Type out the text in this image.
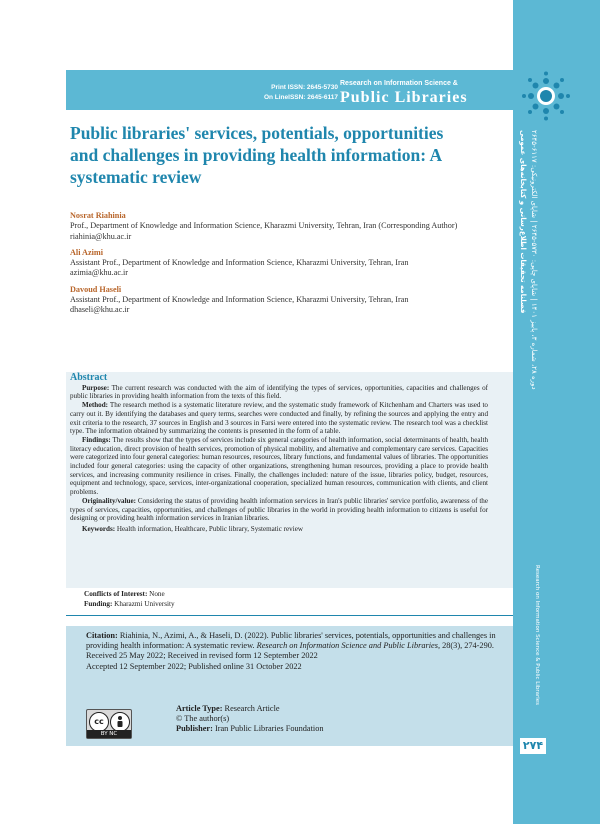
Print ISSN: 2645-5730
On LineISSN: 2645-6117
Research on Information Science &
Public Libraries
فصلنامه تحقیقات اطلاع‌رسانی و کتابخانه‌های عمومی دوره ۲۸، شماره ۳، پاییز ۱۴۰۱ | شاپای چاپی: ۵۷۳۰-۲۶۴۵ | شاپای الکترونیکی: ۶۱۱۷-۲۶۴۵
Research on Information Science & Public Libraries
۲۷۴
Public libraries' services, potentials, opportunities and challenges in providing health information: A systematic review
Nosrat Riahinia
Prof., Department of Knowledge and Information Science, Kharazmi University, Tehran, Iran (Corresponding Author)
riahinia@khu.ac.ir
Ali Azimi
Assistant Prof., Department of Knowledge and Information Science, Kharazmi University, Tehran, Iran
azimia@khu.ac.ir
Davoud Haseli
Assistant Prof., Department of Knowledge and Information Science, Kharazmi University, Tehran, Iran
dhaseli@khu.ac.ir
Abstract

Purpose: The current research was conducted with the aim of identifying the types of services, opportunities, capacities and challenges of public libraries in providing health information from the texts of this field.

Method: The research method is a systematic literature review, and the systematic study framework of Kitchenham and Charters was used to carry out it. By identifying the databases and query terms, searches were conducted and finally, by refining the sources and applying the entry and exit criteria to the research, 37 sources in English and 3 sources in Farsi were entered into the systematic review. The research tool was a checklist type. The information obtained by summarizing the contents is presented in the form of a table.

Findings: The results show that the types of services include six general categories of health information, social determinants of health, health literacy education, direct provision of health services, promotion of physical mobility, and alternative and complementary care services. Capacities were categorized into four general categories: human resources, resources, library functions, and fundamental values of libraries. The opportunities included four general categories: using the capacity of other organizations, strengthening human resources, providing a place to provide health services, and increasing community resilience in crises. Finally, the challenges included: nature of the issue, libraries policy, budget, resources, equipment and technology, space, services, inter-organizational cooperation, specialized human resources, communication with clients, and client problems.

Originality/value: Considering the status of providing health information services in Iran's public libraries' service portfolio, awareness of the types of services, capacities, opportunities, and challenges of public libraries in the world in providing health information to citizens is useful for designing or providing health information services in Iranian libraries.

Keywords: Health information, Healthcare, Public library, Systematic review

Conflicts of Interest: None
Funding: Kharazmi University

Citation: Riahinia, N., Azimi, A., & Haseli, D. (2022). Public libraries' services, potentials, opportunities and challenges in providing health information: A systematic review. Research on Information Science and Public Libraries, 28(3), 274-290.

Received 25 May 2022; Received in revised form 12 September 2022

Accepted 12 September 2022; Published online 31 October 2022

cc
BY NC
Article Type: Research Article
© The author(s)
Publisher: Iran Public Libraries Foundation
